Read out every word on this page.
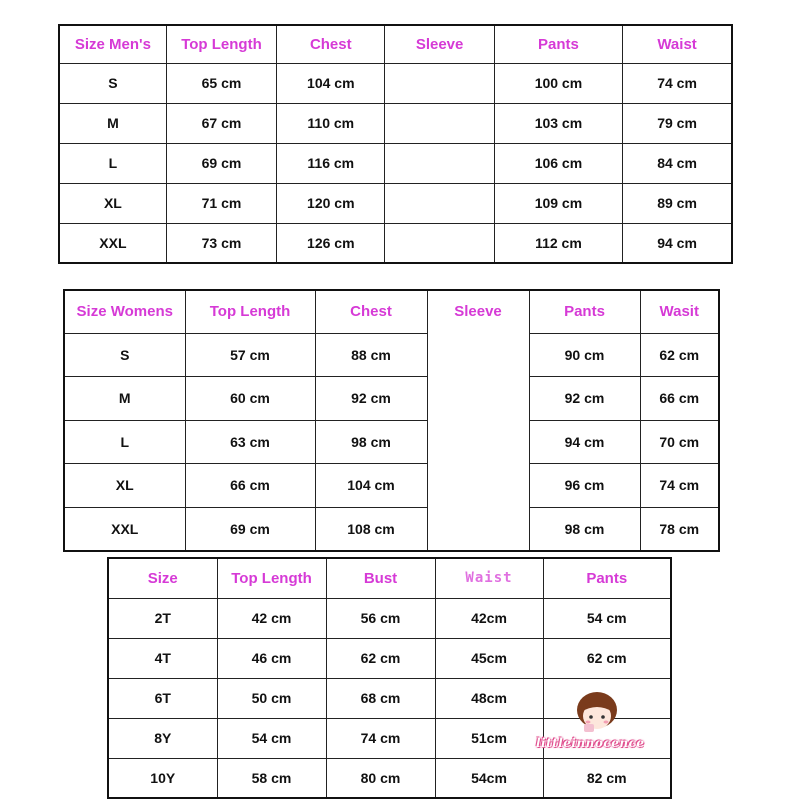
Size Men's	Top Length	Chest	Sleeve	Pants	Waist
S	65 cm	104 cm		100 cm	74 cm
M	67 cm	110 cm		103 cm	79 cm
L	69 cm	116 cm		106 cm	84 cm
XL	71 cm	120 cm		109 cm	89 cm
XXL	73 cm	126 cm		112 cm	94 cm
Size Womens	Top Length	Chest	Sleeve	Pants	Wasit
S	57 cm	88 cm		90 cm	62 cm
M	60 cm	92 cm		92 cm	66 cm
L	63 cm	98 cm		94 cm	70 cm
XL	66 cm	104 cm		96 cm	74 cm
XXL	69 cm	108 cm		98 cm	78 cm
Size	Top Length	Bust	Waist	Pants
2T	42 cm	56 cm	42cm	54 cm
4T	46 cm	62 cm	45cm	62 cm
6T	50 cm	68 cm	48cm	
8Y	54 cm	74 cm	51cm	
10Y	58 cm	80 cm	54cm	82 cm
littleinnocence
